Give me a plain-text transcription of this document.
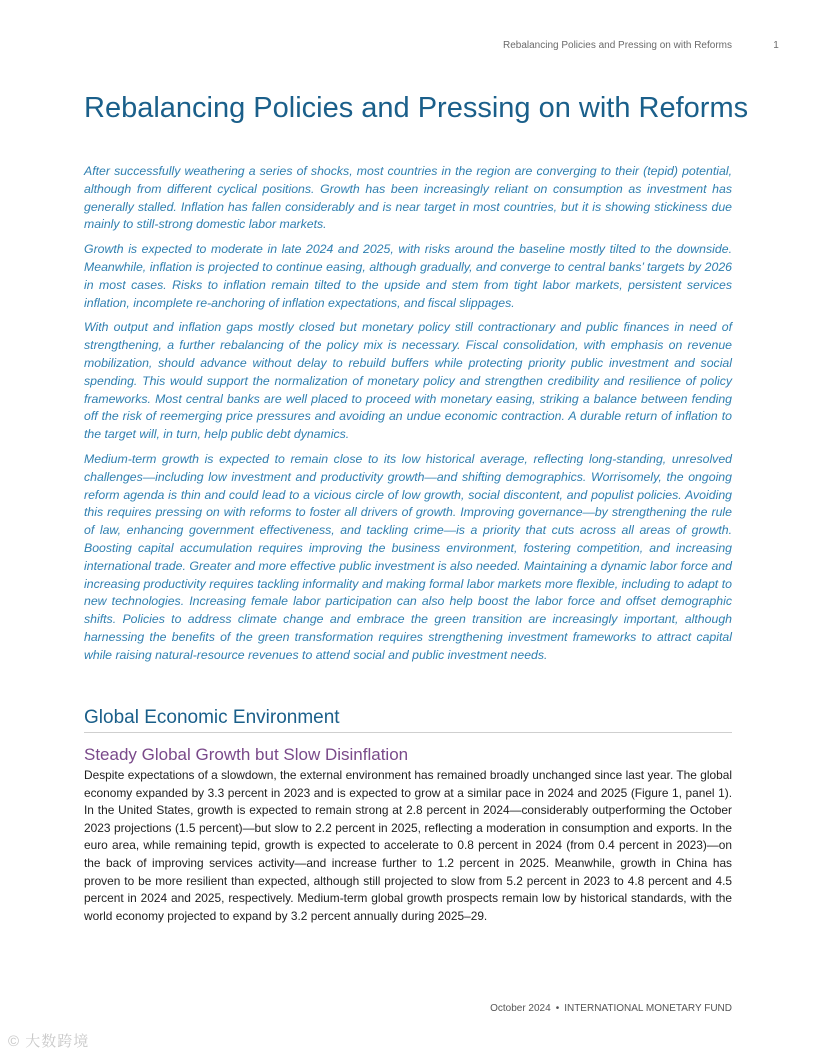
Rebalancing Policies and Pressing on with Reforms	1
Rebalancing Policies and Pressing on with Reforms

After successfully weathering a series of shocks, most countries in the region are converging to their (tepid) potential, although from different cyclical positions. Growth has been increasingly reliant on consumption as investment has generally stalled. Inflation has fallen considerably and is near target in most countries, but it is showing stickiness due mainly to still-strong domestic labor markets.

Growth is expected to moderate in late 2024 and 2025, with risks around the baseline mostly tilted to the downside. Meanwhile, inflation is projected to continue easing, although gradually, and converge to central banks’ targets by 2026 in most cases. Risks to inflation remain tilted to the upside and stem from tight labor markets, persistent services inflation, incomplete re-anchoring of inflation expectations, and fiscal slippages.

With output and inflation gaps mostly closed but monetary policy still contractionary and public finances in need of strengthening, a further rebalancing of the policy mix is necessary. Fiscal consolidation, with emphasis on revenue mobilization, should advance without delay to rebuild buffers while protecting priority public investment and social spending. This would support the normalization of monetary policy and strengthen credibility and resilience of policy frameworks. Most central banks are well placed to proceed with monetary easing, striking a balance between fending off the risk of reemerging price pressures and avoiding an undue economic contraction. A durable return of inflation to the target will, in turn, help public debt dynamics.

Medium-term growth is expected to remain close to its low historical average, reflecting long-standing, unresolved challenges—including low investment and productivity growth—and shifting demographics. Worrisomely, the ongoing reform agenda is thin and could lead to a vicious circle of low growth, social discontent, and populist policies. Avoiding this requires pressing on with reforms to foster all drivers of growth. Improving governance—by strengthening the rule of law, enhancing government effectiveness, and tackling crime—is a priority that cuts across all areas of growth. Boosting capital accumulation requires improving the business environment, fostering competition, and increasing international trade. Greater and more effective public investment is also needed. Maintaining a dynamic labor force and increasing productivity requires tackling informality and making formal labor markets more flexible, including to adapt to new technologies. Increasing female labor participation can also help boost the labor force and offset demographic shifts. Policies to address climate change and embrace the green transition are increasingly important, although harnessing the benefits of the green transformation requires strengthening investment frameworks to attract capital while raising natural-resource revenues to attend social and public investment needs.

Global Economic Environment
Steady Global Growth but Slow Disinflation

Despite expectations of a slowdown, the external environment has remained broadly unchanged since last year. The global economy expanded by 3.3 percent in 2023 and is expected to grow at a similar pace in 2024 and 2025 (Figure 1, panel 1). In the United States, growth is expected to remain strong at 2.8 percent in 2024—considerably outperforming the October 2023 projections (1.5 percent)—but slow to 2.2 percent in 2025, reflecting a moderation in consumption and exports. In the euro area, while remaining tepid, growth is expected to accelerate to 0.8 percent in 2024 (from 0.4 percent in 2023)—on the back of improving services activity—and increase further to 1.2 percent in 2025. Meanwhile, growth in China has proven to be more resilient than expected, although still projected to slow from 5.2 percent in 2023 to 4.8 percent and 4.5 percent in 2024 and 2025, respectively. Medium-term global growth prospects remain low by historical standards, with the world economy projected to expand by 3.2 percent annually during 2025–29.

October 2024 • INTERNATIONAL MONETARY FUND
© 大数跨境
